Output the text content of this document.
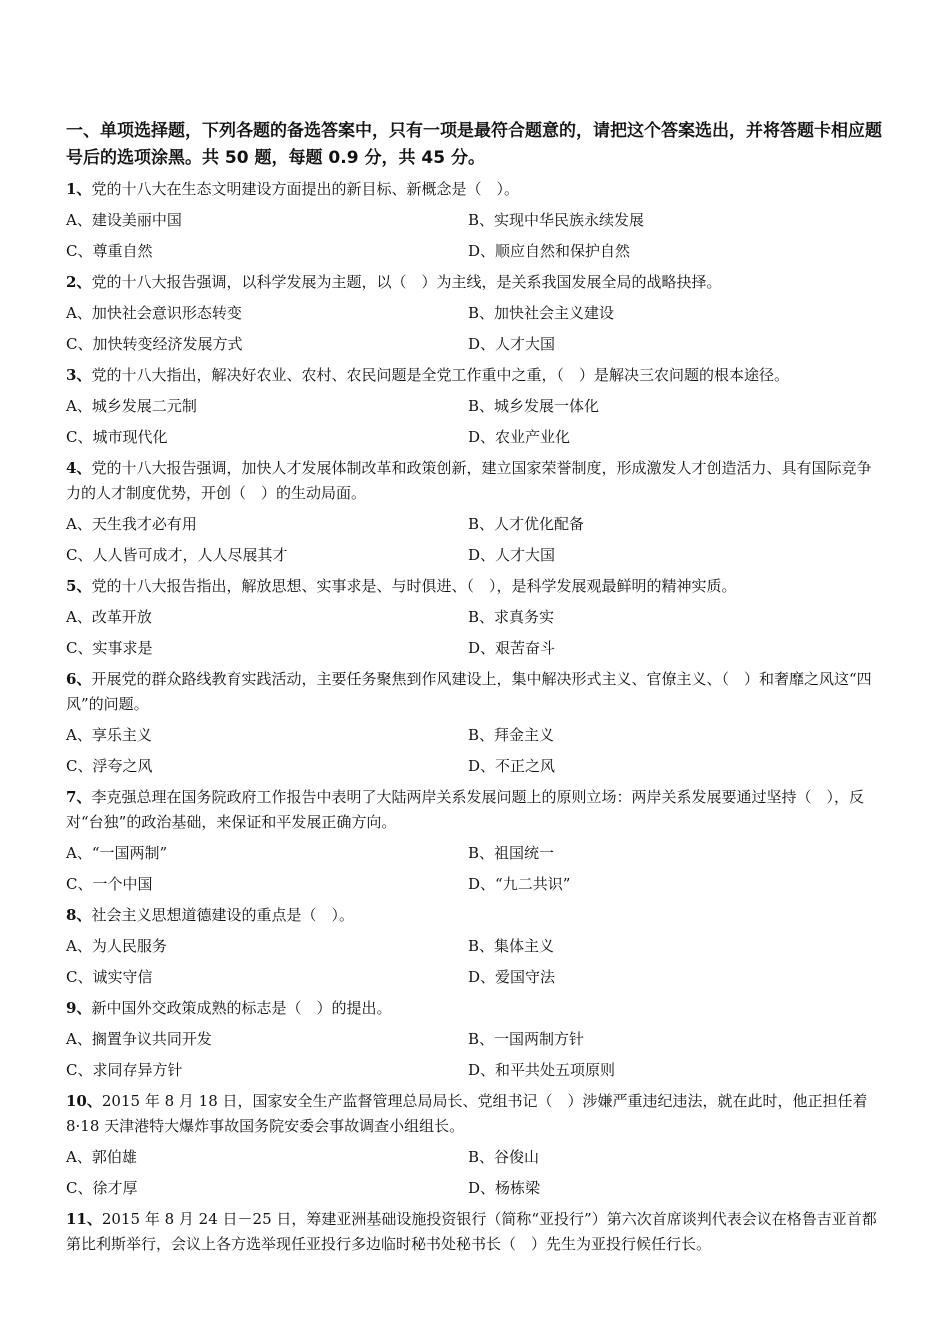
一、单项选择题，下列各题的备选答案中，只有一项是最符合题意的，请把这个答案选出，并将答题卡相应题号后的选项涂黑。共 50 题，每题 0.9 分，共 45 分。
1、党的十八大在生态文明建设方面提出的新目标、新概念是（　）。
A、建设美丽中国	B、实现中华民族永续发展
C、尊重自然	D、顺应自然和保护自然
2、党的十八大报告强调，以科学发展为主题，以（　）为主线，是关系我国发展全局的战略抉择。
A、加快社会意识形态转变	B、加快社会主义建设
C、加快转变经济发展方式	D、人才大国
3、党的十八大指出，解决好农业、农村、农民问题是全党工作重中之重，（　）是解决三农问题的根本途径。
A、城乡发展二元制	B、城乡发展一体化
C、城市现代化	D、农业产业化
4、党的十八大报告强调，加快人才发展体制改革和政策创新，建立国家荣誉制度，形成激发人才创造活力、具有国际竞争力的人才制度优势，开创（　）的生动局面。
A、天生我才必有用	B、人才优化配备
C、人人皆可成才，人人尽展其才	D、人才大国
5、党的十八大报告指出，解放思想、实事求是、与时俱进、（　），是科学发展观最鲜明的精神实质。
A、改革开放	B、求真务实
C、实事求是	D、艰苦奋斗
6、开展党的群众路线教育实践活动，主要任务聚焦到作风建设上，集中解决形式主义、官僚主义、（　）和奢靡之风这“四风”的问题。
A、享乐主义	B、拜金主义
C、浮夸之风	D、不正之风
7、李克强总理在国务院政府工作报告中表明了大陆两岸关系发展问题上的原则立场：两岸关系发展要通过坚持（　），反对“台独”的政治基础，来保证和平发展正确方向。
A、“一国两制”	B、祖国统一
C、一个中国	D、“九二共识”
8、社会主义思想道德建设的重点是（　）。
A、为人民服务	B、集体主义
C、诚实守信	D、爱国守法
9、新中国外交政策成熟的标志是（　）的提出。
A、搁置争议共同开发	B、一国两制方针
C、求同存异方针	D、和平共处五项原则
10、2015 年 8 月 18 日，国家安全生产监督管理总局局长、党组书记（　）涉嫌严重违纪违法，就在此时，他正担任着 8·18 天津港特大爆炸事故国务院安委会事故调查小组组长。
A、郭伯雄	B、谷俊山
C、徐才厚	D、杨栋梁
11、2015 年 8 月 24 日－25 日，筹建亚洲基础设施投资银行（简称“亚投行”）第六次首席谈判代表会议在格鲁吉亚首都第比利斯举行，会议上各方选举现任亚投行多边临时秘书处秘书长（　）先生为亚投行候任行长。
